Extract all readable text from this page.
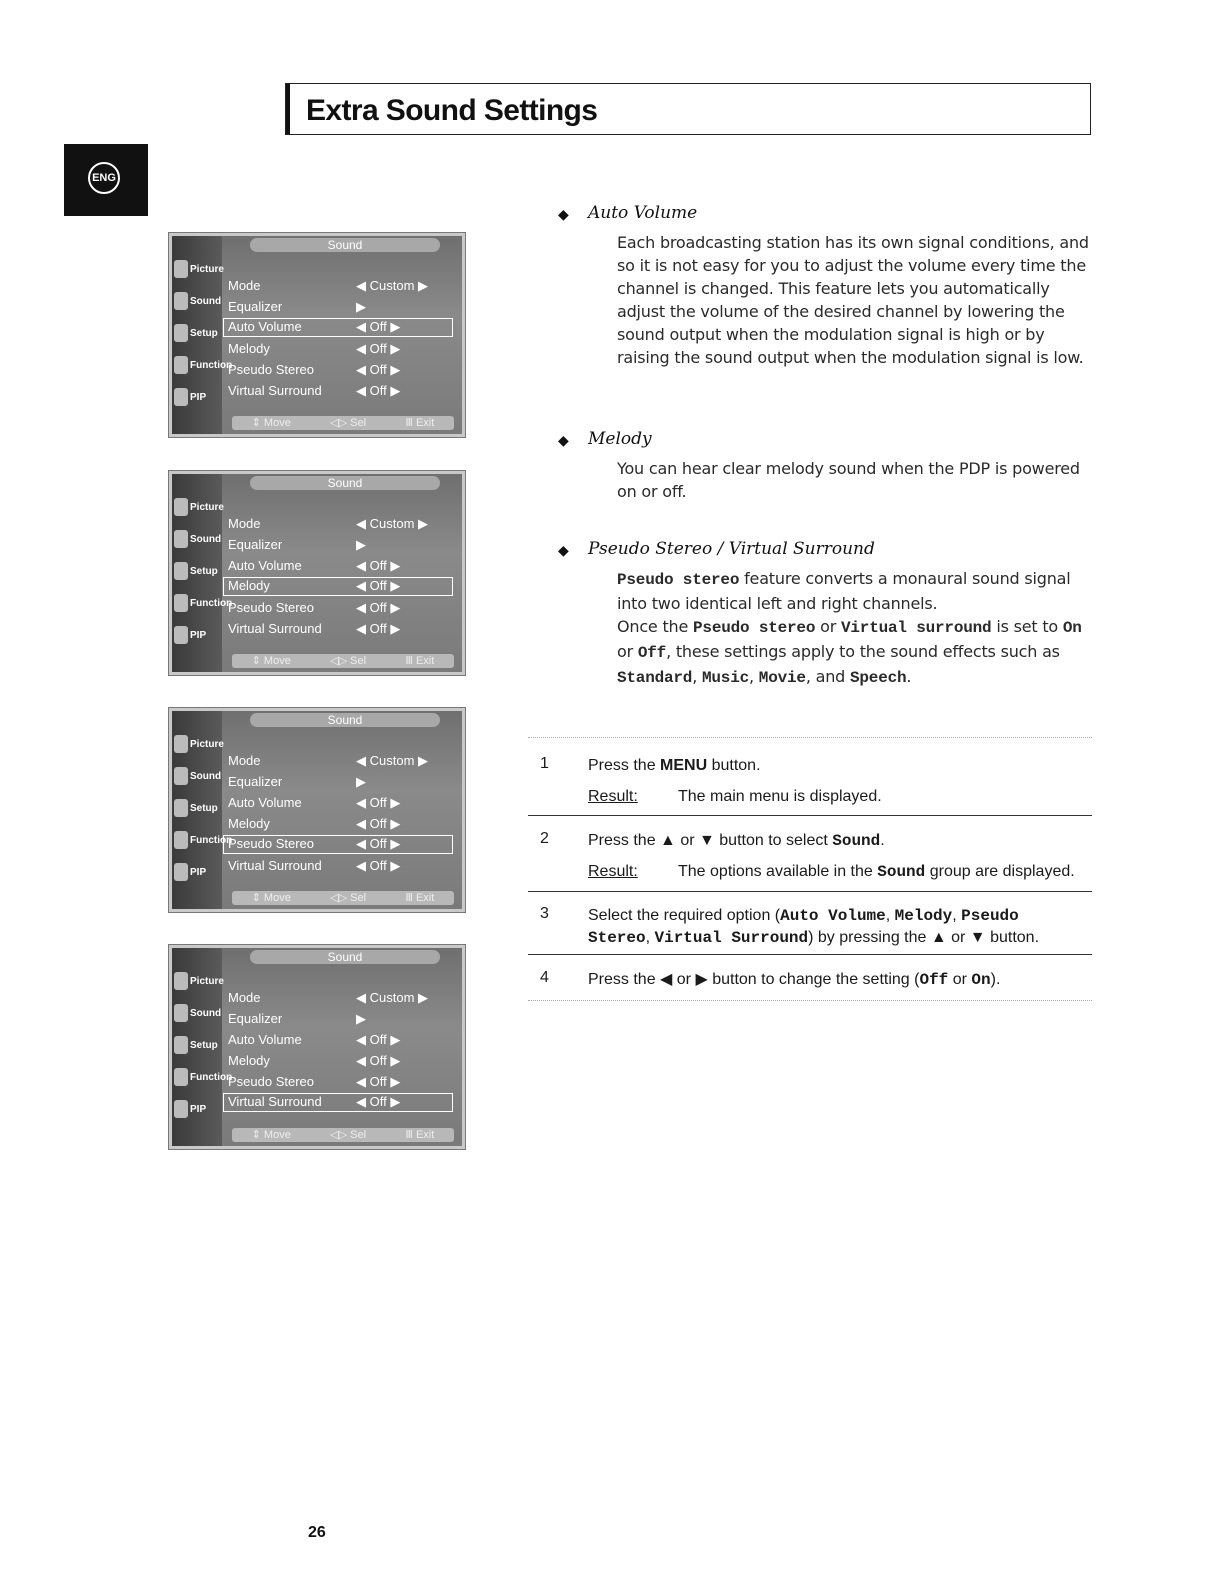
Extra Sound Settings
ENG
Picture
Sound
Setup
Function
PIP
Sound
Mode	◀ Custom ▶
Equalizer	▶
Auto Volume	◀ Off ▶
Melody	◀ Off ▶
Pseudo Stereo	◀ Off ▶
Virtual Surround	◀ Off ▶
⇕ Move	◁▷ Sel	Ⅲ Exit
Picture
Sound
Setup
Function
PIP
Sound
Mode	◀ Custom ▶
Equalizer	▶
Auto Volume	◀ Off ▶
Melody	◀ Off ▶
Pseudo Stereo	◀ Off ▶
Virtual Surround	◀ Off ▶
⇕ Move	◁▷ Sel	Ⅲ Exit
Picture
Sound
Setup
Function
PIP
Sound
Mode	◀ Custom ▶
Equalizer	▶
Auto Volume	◀ Off ▶
Melody	◀ Off ▶
Pseudo Stereo	◀ Off ▶
Virtual Surround	◀ Off ▶
⇕ Move	◁▷ Sel	Ⅲ Exit
Picture
Sound
Setup
Function
PIP
Sound
Mode	◀ Custom ▶
Equalizer	▶
Auto Volume	◀ Off ▶
Melody	◀ Off ▶
Pseudo Stereo	◀ Off ▶
Virtual Surround	◀ Off ▶
⇕ Move	◁▷ Sel	Ⅲ Exit
◆ Auto Volume

Each broadcasting station has its own signal conditions, and so it is not easy for you to adjust the volume every time the channel is changed. This feature lets you automatically adjust the volume of the desired channel by lowering the sound output when the modulation signal is high or by raising the sound output when the modulation signal is low.

◆ Melody

You can hear clear melody sound when the PDP is powered on or off.

◆ Pseudo Stereo / Virtual Surround

Pseudo stereo feature converts a monaural sound signal into two identical left and right channels.
Once the Pseudo stereo or Virtual surround is set to On or Off, these settings apply to the sound effects such as Standard, Music, Movie, and Speech.

1 Press the MENU button.
Result:	The main menu is displayed.
2 Press the ▲ or ▼ button to select Sound.
Result:	The options available in the Sound group are displayed.
3 Select the required option (Auto Volume, Melody, Pseudo Stereo, Virtual Surround) by pressing the ▲ or ▼ button.
4 Press the ◀ or ▶ button to change the setting (Off or On).
26
